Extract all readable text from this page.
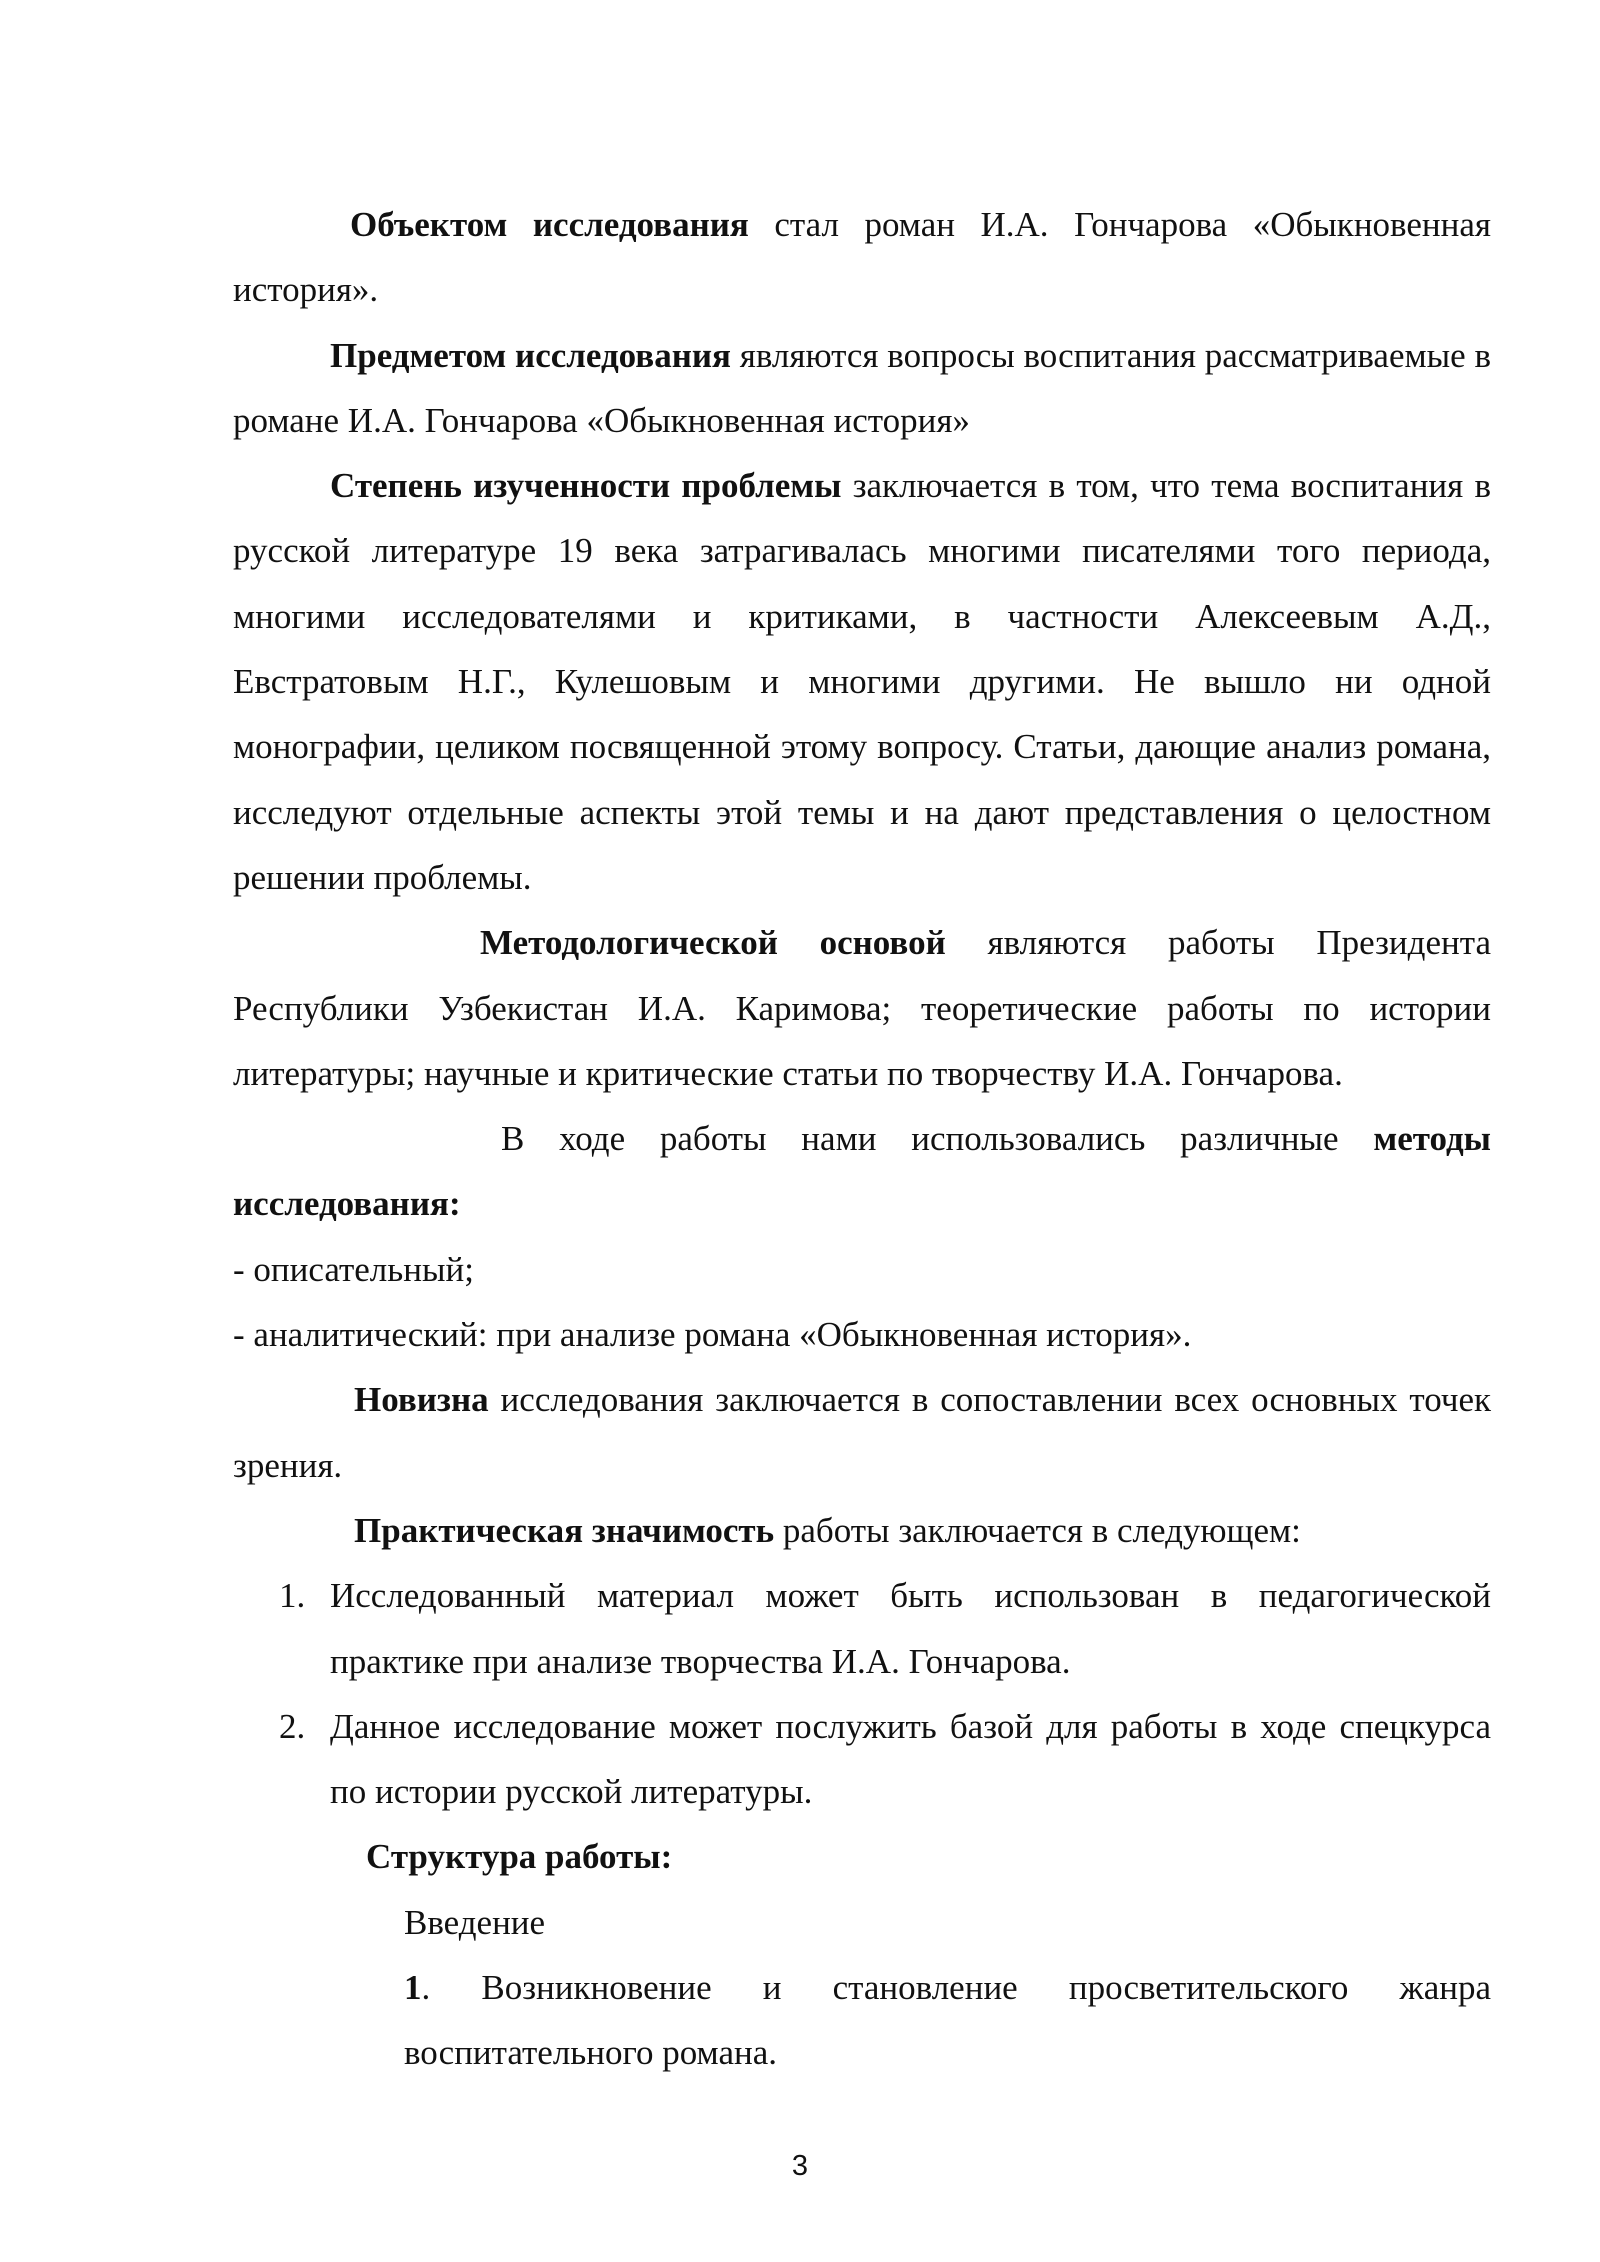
Объектом исследования стал роман И.А. Гончарова «Обыкновенная история».

Предметом исследования являются вопросы воспитания рассматриваемые в романе И.А. Гончарова «Обыкновенная история»

Степень изученности проблемы заключается в том, что тема воспитания в русской литературе 19 века затрагивалась многими писателями того периода, многими исследователями и критиками, в частности Алексеевым А.Д., Евстратовым Н.Г., Кулешовым и многими другими. Не вышло ни одной монографии, целиком посвященной этому вопросу. Статьи, дающие анализ романа, исследуют отдельные аспекты этой темы и на дают представления о целостном решении проблемы.

Методологической основой являются работы Президента Республики Узбекистан И.А. Каримова; теоретические работы по истории литературы; научные и критические статьи по творчеству И.А. Гончарова.

В ходе работы нами использовались различные методы исследования:

- описательный;

- аналитический: при анализе романа «Обыкновенная история».

Новизна исследования заключается в сопоставлении всех основных точек зрения.

Практическая значимость работы заключается в следующем:

1. Исследованный материал может быть использован в педагогической практике при анализе творчества И.А. Гончарова.
2. Данное исследование может послужить базой для работы в ходе спецкурса по истории русской литературы.

Структура работы:

Введение

1. Возникновение и становление просветительского жанра воспитательного романа.

3
